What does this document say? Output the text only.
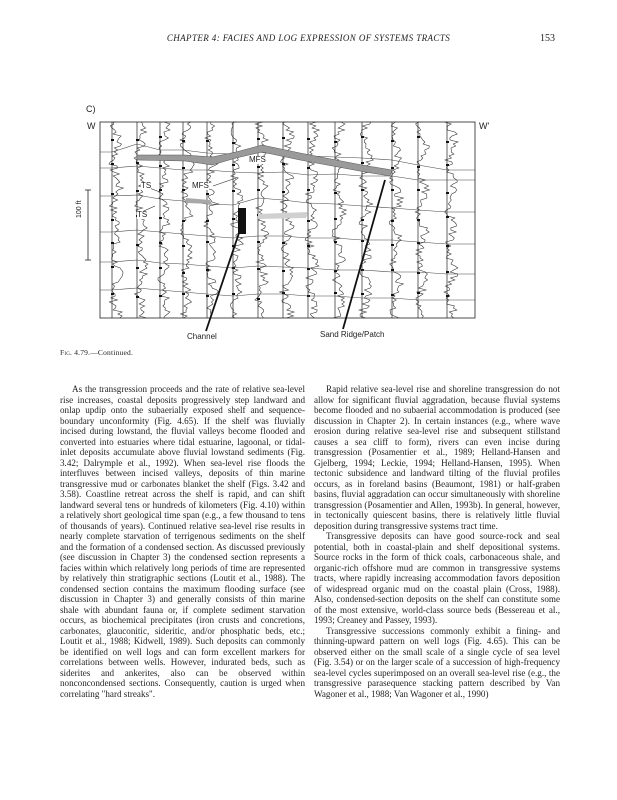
CHAPTER 4: FACIES AND LOG EXPRESSION OF SYSTEMS TRACTS	153
C)
W	W'
100 ft
MFS
MFS
TS
TS
Channel	Sand Ridge/Patch
Fig. 4.79.—Continued.

As the transgression proceeds and the rate of relative sea-level rise increases, coastal deposits progressively step landward and onlap updip onto the subaerially exposed shelf and sequence-boundary unconformity (Fig. 4.65). If the shelf was fluvially incised during lowstand, the fluvial valleys become flooded and converted into estuaries where tidal estuarine, lagoonal, or tidal-inlet deposits accumulate above fluvial lowstand sediments (Fig. 3.42; Dalrymple et al., 1992). When sea-level rise floods the interfluves between incised valleys, deposits of thin marine transgressive mud or carbonates blanket the shelf (Figs. 3.42 and 3.58). Coastline retreat across the shelf is rapid, and can shift landward several tens or hundreds of kilometers (Fig. 4.10) within a relatively short geological time span (e.g., a few thousand to tens of thousands of years). Continued relative sea-level rise results in nearly complete starvation of terrigenous sediments on the shelf and the formation of a condensed section. As discussed previously (see discussion in Chapter 3) the condensed section represents a facies within which relatively long periods of time are represented by relatively thin stratigraphic sections (Loutit et al., 1988). The condensed section contains the maximum flooding surface (see discussion in Chapter 3) and generally consists of thin marine shale with abundant fauna or, if complete sediment starvation occurs, as biochemical precipitates (iron crusts and concretions, carbonates, glauconitic, sideritic, and/or phosphatic beds, etc.; Loutit et al., 1988; Kidwell, 1989). Such deposits can commonly be identified on well logs and can form excellent markers for correlations between wells. However, indurated beds, such as siderites and ankerites, also can be observed within nonconcondensed sections. Consequently, caution is urged when correlating "hard streaks".

Rapid relative sea-level rise and shoreline transgression do not allow for significant fluvial aggradation, because fluvial systems become flooded and no subaerial accommodation is produced (see discussion in Chapter 2). In certain instances (e.g., where wave erosion during relative sea-level rise and subsequent stillstand causes a sea cliff to form), rivers can even incise during transgression (Posamentier et al., 1989; Helland-Hansen and Gjelberg, 1994; Leckie, 1994; Helland-Hansen, 1995). When tectonic subsidence and landward tilting of the fluvial profiles occurs, as in foreland basins (Beaumont, 1981) or half-graben basins, fluvial aggradation can occur simultaneously with shoreline transgression (Posamentier and Allen, 1993b). In general, however, in tectonically quiescent basins, there is relatively little fluvial deposition during transgressive systems tract time.

Transgressive deposits can have good source-rock and seal potential, both in coastal-plain and shelf depositional systems. Source rocks in the form of thick coals, carbonaceous shale, and organic-rich offshore mud are common in transgressive systems tracts, where rapidly increasing accommodation favors deposition of widespread organic mud on the coastal plain (Cross, 1988). Also, condensed-section deposits on the shelf can constitute some of the most extensive, world-class source beds (Bessereau et al., 1993; Creaney and Passey, 1993).

Transgressive successions commonly exhibit a fining- and thinning-upward pattern on well logs (Fig. 4.65). This can be observed either on the small scale of a single cycle of sea level (Fig. 3.54) or on the larger scale of a succession of high-frequency sea-level cycles superimposed on an overall sea-level rise (e.g., the transgressive parasequence stacking pattern described by Van Wagoner et al., 1988; Van Wagoner et al., 1990)
